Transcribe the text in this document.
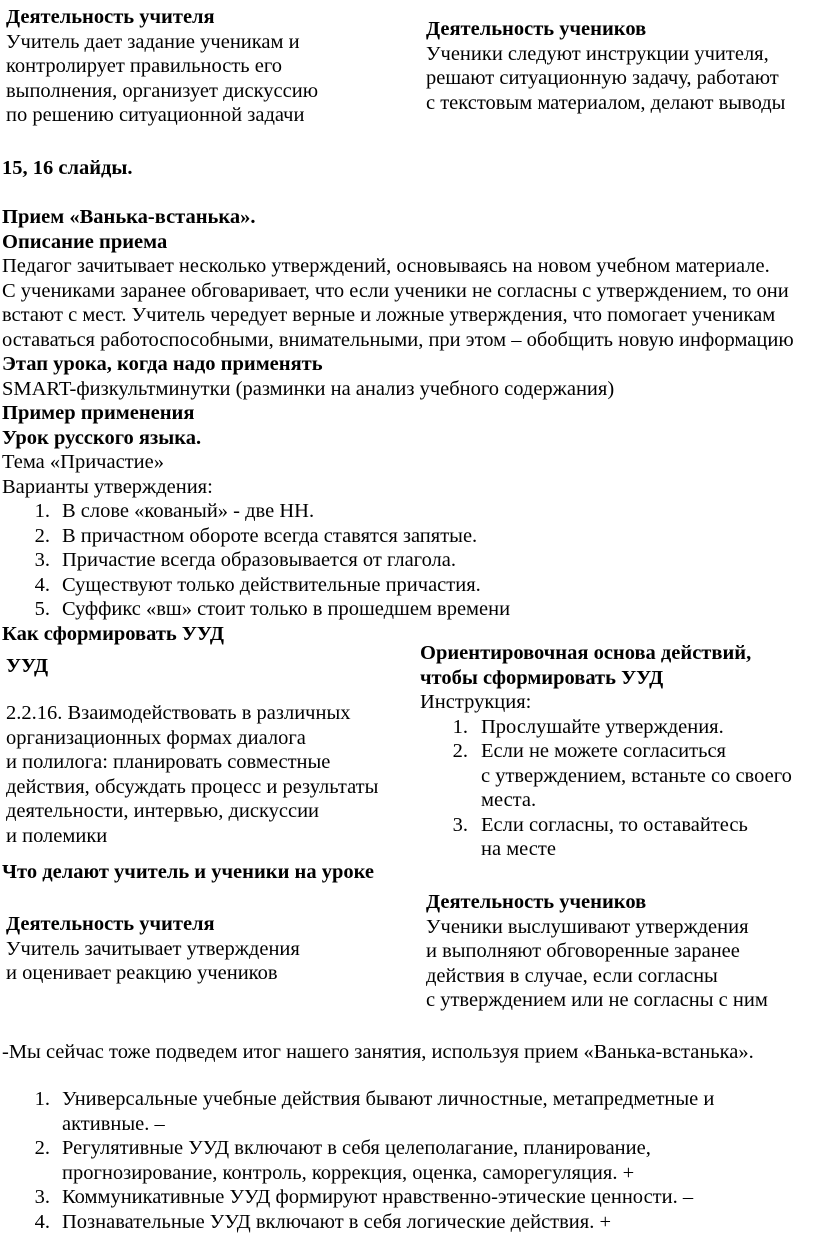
Деятельность учителя
Учитель дает задание ученикам и
контролирует правильность его
выполнения, организует дискуссию
по решению ситуационной задачи
Деятельность учеников
Ученики следуют инструкции учителя,
решают ситуационную задачу, работают
с текстовым материалом, делают выводы
15, 16 слайды.
Прием «Ванька-встанька».
Описание приема
Педагог зачитывает несколько утверждений, основываясь на новом учебном материале.
С учениками заранее обговаривает, что если ученики не согласны с утверждением, то они
встают с мест. Учитель чередует верные и ложные утверждения, что помогает ученикам
оставаться работоспособными, внимательными, при этом – обобщить новую информацию
Этап урока, когда надо применять
SMART-физкультминутки (разминки на анализ учебного содержания)
Пример применения
Урок русского языка.
Тема «Причастие»
Варианты утверждения:
1. В слове «кованый» - две НН.
2. В причастном обороте всегда ставятся запятые.
3. Причастие всегда образовывается от глагола.
4. Существуют только действительные причастия.
5. Суффикс «вш» стоит только в прошедшем времени
Как сформировать УУД
УУД
2.2.16. Взаимодействовать в различных
организационных формах диалога
и полилога: планировать совместные
действия, обсуждать процесс и результаты
деятельности, интервью, дискуссии
и полемики
Ориентировочная основа действий,
чтобы сформировать УУД
Инструкция:
1. Прослушайте утверждения.
2. Если не можете согласиться
с утверждением, встаньте со своего
места.
3. Если согласны, то оставайтесь
на месте
Что делают учитель и ученики на уроке
Деятельность учеников
Ученики выслушивают утверждения
и выполняют обговоренные заранее
действия в случае, если согласны
с утверждением или не согласны с ним
Деятельность учителя
Учитель зачитывает утверждения
и оценивает реакцию учеников
-Мы сейчас тоже подведем итог нашего занятия, используя прием «Ванька-встанька».
1. Универсальные учебные действия бывают личностные, метапредметные и
активные. –
2. Регулятивные УУД включают в себя целеполагание, планирование,
прогнозирование, контроль, коррекция, оценка, саморегуляция. +
3. Коммуникативные УУД формируют нравственно-этические ценности. –
4. Познавательные УУД включают в себя логические действия. +
